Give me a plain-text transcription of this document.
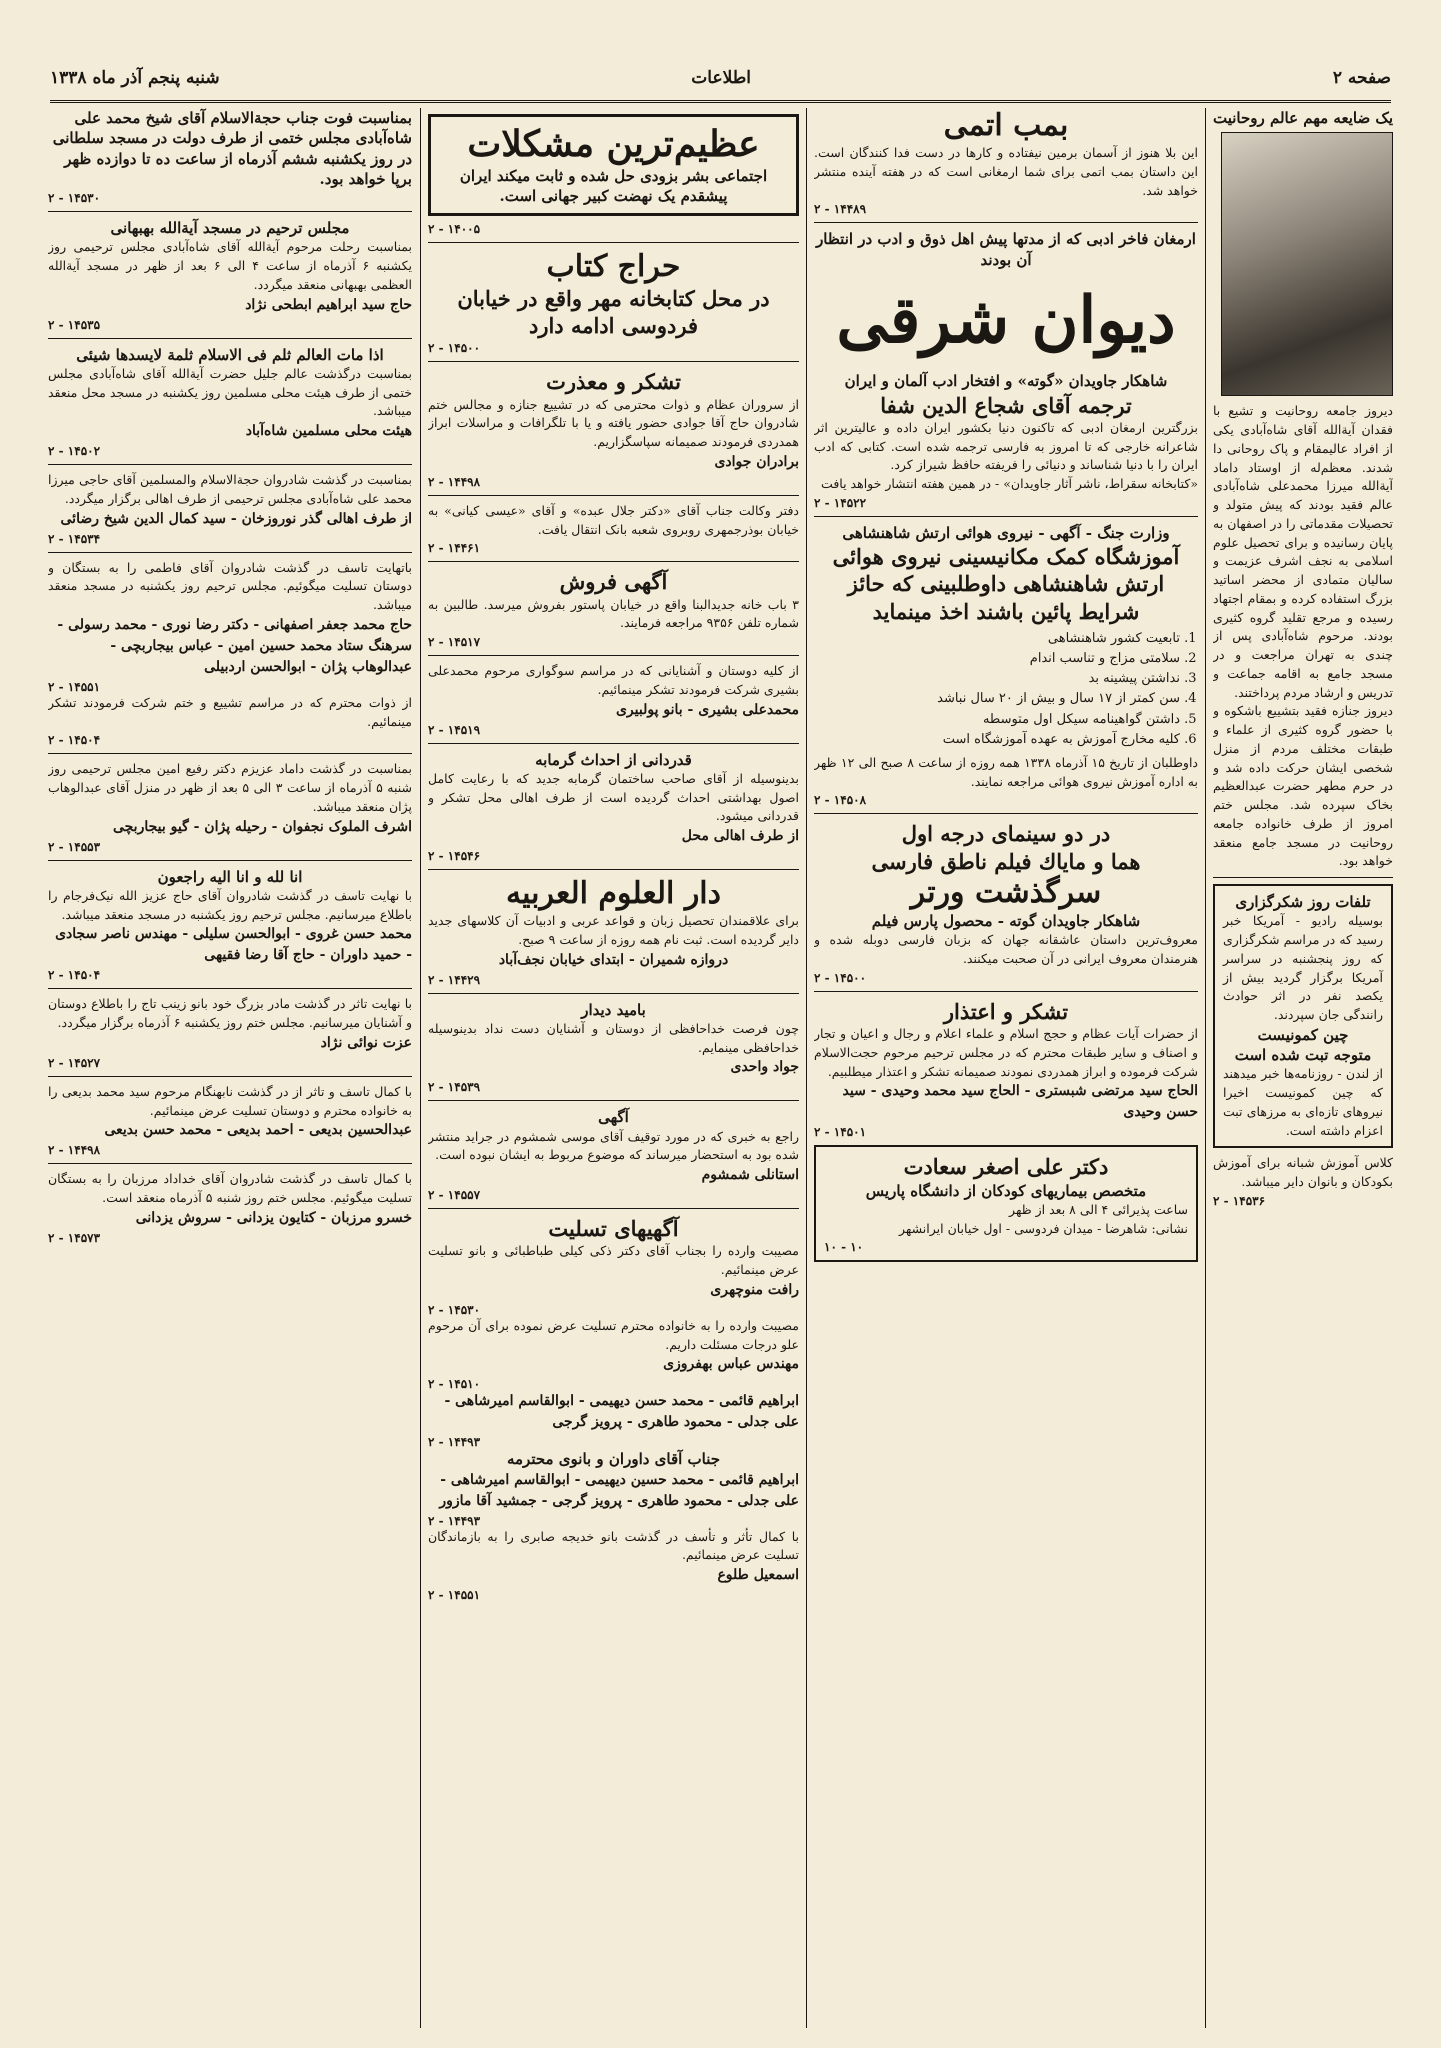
صفحه ۲
اطلاعات
شنبه پنجم آذر ماه ۱۳۳۸
یک ضایعه مهم عالم روحانیت
دیروز جامعه روحانیت و تشیع با فقدان آیة‌الله آقای شاه‌آبادی یکی از افراد عالیمقام و پاک روحانی دا شدند. معظم‌له از اوستاد داماد آیة‌الله میرزا محمدعلی شاه‌آبادی عالم فقید بودند که پیش متولد و تحصیلات مقدماتی را در اصفهان به پایان رسانیده و برای تحصیل علوم اسلامی به نجف اشرف عزیمت و سالیان متمادی از محضر اساتید بزرگ استفاده کرده و بمقام اجتهاد رسیده و مرجع تقلید گروه کثیری بودند. مرحوم شاه‌آبادی پس از چندی به تهران مراجعت و در مسجد جامع به اقامه جماعت و تدریس و ارشاد مردم پرداختند.
دیروز جنازه فقید بتشییع باشکوه و با حضور گروه کثیری از علماء و طبقات مختلف مردم از منزل شخصی ایشان حرکت داده شد و در حرم مطهر حضرت عبدالعظیم بخاک سپرده شد. مجلس ختم امروز از طرف خانواده جامعه روحانیت در مسجد جامع منعقد خواهد بود.
تلفات روز شکرگزاری
بوسیله رادیو - آمریکا خبر رسید که در مراسم شکرگزاری که روز پنجشنبه در سراسر آمریکا برگزار گردید بیش از یکصد نفر در اثر حوادث رانندگی جان سپردند.
چین کمونیست
متوجه تبت شده است
از لندن - روزنامه‌ها خبر میدهند که چین کمونیست اخیرا نیروهای تازه‌ای به مرزهای تبت اعزام داشته است.
کلاس آموزش شبانه برای آموزش بکودکان و بانوان دایر میباشد.
۱۴۵۳۶ - ۲
بمب اتمی
این بلا هنوز از آسمان برمین نیفتاده و کارها در دست فدا کنندگان است. این داستان بمب اتمی برای شما ارمغانی است که در هفته آینده منتشر خواهد شد.
۱۴۴۸۹ - ۲
ارمغان فاخر ادبی که از مدتها پیش اهل ذوق و ادب در انتظار آن بودند
دیوان شرقی
شاهکار جاویدان «گوته» و افتخار ادب آلمان و ایران
ترجمه آقای شجاع الدین شفا
بزرگترین ارمغان ادبی که تاکنون دنیا بکشور ایران داده و عالیترین اثر شاعرانه خارجی که تا امروز به فارسی ترجمه شده است. کتابی که ادب ایران را با دنیا شناساند و دنیائی را فریفته حافظ شیراز کرد.
«کتابخانه سقراط، ناشر آثار جاویدان» - در همین هفته انتشار خواهد یافت
۱۴۵۲۲ - ۲
وزارت جنگ - آگهی - نیروی هوائی ارتش شاهنشاهی
آموزشگاه کمک مکانیسینی نیروی هوائی ارتش شاهنشاهی داوطلبینی که حائز شرایط پائین باشند اخذ مینماید
1. تابعیت کشور شاهنشاهی
2. سلامتی مزاج و تناسب اندام
3. نداشتن پیشینه بد
4. سن کمتر از ۱۷ سال و بیش از ۲۰ سال نباشد
5. داشتن گواهینامه سیکل اول متوسطه
6. کلیه مخارج آموزش به عهده آموزشگاه است
داوطلبان از تاریخ ۱۵ آذرماه ۱۳۳۸ همه روزه از ساعت ۸ صبح الی ۱۲ ظهر به اداره آموزش نیروی هوائی مراجعه نمایند.
۱۴۵۰۸ - ۲
در دو سینمای درجه اول
هما و ماياك فيلم ناطق فارسى
سرگذشت ورتر
شاهکار جاویدان گوته - محصول پارس فیلم
معروف‌ترین داستان عاشقانه جهان که بزبان فارسی دوبله شده و هنرمندان معروف ایرانی در آن صحبت میکنند.
۱۴۵۰۰ - ۲
تشکر و اعتذار
از حضرات آیات عظام و حجج اسلام و علماء اعلام و رجال و اعیان و تجار و اصناف و سایر طبقات محترم که در مجلس ترحیم مرحوم حجت‌الاسلام شرکت فرموده و ابراز همدردی نمودند صمیمانه تشکر و اعتذار میطلبیم.
الحاج سید مرتضی شبستری - الحاج سید محمد وحیدی - سید حسن وحیدی
۱۴۵۰۱ - ۲
دکتر علی اصغر سعادت
متخصص بیماریهای کودکان از دانشگاه پاریس
ساعت پذیرائی ۴ الی ۸ بعد از ظهر
نشانی: شاهرضا - میدان فردوسی - اول خیابان ایرانشهر
۱۰ - ۱۰
عظیم‌ترین مشکلات
اجتماعی بشر بزودی حل شده و ثابت میکند ایران پیشقدم یک نهضت کبیر جهانی است.
۱۴۰۰۵ - ۲
حراج کتاب
در محل کتابخانه مهر واقع در خیابان فردوسی ادامه دارد
۱۴۵۰۰ - ۲
تشکر و معذرت
از سروران عظام و ذوات محترمی که در تشییع جنازه و مجالس ختم شادروان حاج آقا جوادی حضور یافته و یا با تلگرافات و مراسلات ابراز همدردی فرمودند صمیمانه سپاسگزاریم.
برادران جوادی
۱۴۴۹۸ - ۲
دفتر وکالت جناب آقای «دکتر جلال عبده» و آقای «عیسی کیانی» به خیابان بوذرجمهری روبروی شعبه بانک انتقال یافت.
۱۴۴۶۱ - ۲
آگهی فروش
۳ باب خانه جدیدالبنا واقع در خیابان پاستور بفروش میرسد. طالبین به شماره تلفن ۹۳۵۶ مراجعه فرمایند.
۱۴۵۱۷ - ۲
از کلیه دوستان و آشنایانی که در مراسم سوگواری مرحوم محمدعلی بشیری شرکت فرمودند تشکر مینمائیم.
محمدعلی بشیری - بانو پولبیری
۱۴۵۱۹ - ۲
قدردانی از احداث گرمابه
بدینوسیله از آقای صاحب ساختمان گرمابه جدید که با رعایت کامل اصول بهداشتی احداث گردیده است از طرف اهالی محل تشکر و قدردانی میشود.
از طرف اهالی محل
۱۴۵۴۶ - ۲
دار العلوم العربیه
برای علاقمندان تحصیل زبان و قواعد عربی و ادبیات آن کلاسهای جدید دایر گردیده است. ثبت نام همه روزه از ساعت ۹ صبح.
دروازه شمیران - ابتدای خیابان نجف‌آباد
۱۴۴۲۹ - ۲
بامید دیدار
چون فرصت خداحافظی از دوستان و آشنایان دست نداد بدینوسیله خداحافظی مینمایم.
جواد واحدی
۱۴۵۳۹ - ۲
آگهی
راجع به خبری که در مورد توقیف آقای موسی شمشوم در جراید منتشر شده بود به استحضار میرساند که موضوع مربوط به ایشان نبوده است.
استانلی شمشوم
۱۴۵۵۷ - ۲
آگهیهای تسلیت
مصیبت وارده را بجناب آقای دکتر ذکی کیلی طباطبائی و بانو تسلیت عرض مینمائیم.
رافت منوچهری
۱۴۵۳۰ - ۲
مصیبت وارده را به خانواده محترم تسلیت عرض نموده برای آن مرحوم علو درجات مسئلت داریم.
مهندس عباس بهفروزی
۱۴۵۱۰ - ۲
ابراهیم قائمی - محمد حسن دیهیمی - ابوالقاسم امیرشاهی - علی جدلی - محمود طاهری - پرویز گرجی
۱۴۴۹۳ - ۲
جناب آقای داوران و بانوی محترمه
ابراهیم قائمی - محمد حسین دیهیمی - ابوالقاسم امیرشاهی - علی جدلی - محمود طاهری - پرویز گرجی - جمشید آقا مازور
۱۴۴۹۳ - ۲
با کمال تأثر و تأسف در گذشت بانو خدیجه صابری را به بازماندگان تسلیت عرض مینمائیم.
اسمعیل طلوع
۱۴۵۵۱ - ۲
بمناسبت فوت جناب حجة‌الاسلام آقای شیخ محمد علی شاه‌آبادی مجلس ختمی از طرف دولت در مسجد سلطانی در روز یکشنبه ششم آذرماه از ساعت ده تا دوازده ظهر برپا خواهد بود.
۱۴۵۳۰ - ۲
مجلس ترحیم در مسجد آیة‌الله بهبهانی
بمناسبت رحلت مرحوم آیة‌الله آقای شاه‌آبادی مجلس ترحیمی روز یکشنبه ۶ آذرماه از ساعت ۴ الی ۶ بعد از ظهر در مسجد آیة‌الله العظمی بهبهانی منعقد میگردد.
حاج سید ابراهیم ابطحی نژاد
۱۴۵۳۵ - ۲
اذا مات العالم ثلم فی الاسلام ثلمة لایسدها شیئی
بمناسبت درگذشت عالم جلیل حضرت آیة‌الله آقای شاه‌آبادی مجلس ختمی از طرف هیئت محلی مسلمین روز یکشنبه در مسجد محل منعقد میباشد.
هیئت محلی مسلمین شاه‌آباد
۱۴۵۰۲ - ۲
بمناسبت در گذشت شادروان حجة‌الاسلام والمسلمین آقای حاجی میرزا محمد علی شاه‌آبادی مجلس ترحیمی از طرف اهالی برگزار میگردد.
از طرف اهالی گذر نوروزخان - سید کمال الدین شیخ رضائی
۱۴۵۳۴ - ۲
باتهایت تاسف در گذشت شادروان آقای فاطمی را به بستگان و دوستان تسلیت میگوئیم. مجلس ترحیم روز یکشنبه در مسجد منعقد میباشد.
حاج محمد جعفر اصفهانی - دکتر رضا نوری - محمد رسولی - سرهنگ ستاد محمد حسین امین - عباس بیجاربچی - عبدالوهاب پژان - ابوالحسن اردبیلی
۱۴۵۵۱ - ۲
از ذوات محترم که در مراسم تشییع و ختم شرکت فرمودند تشکر مینمائیم.
۱۴۵۰۴ - ۲
بمناسبت در گذشت داماد عزیزم دکتر رفیع امین مجلس ترحیمی روز شنبه ۵ آذرماه از ساعت ۳ الی ۵ بعد از ظهر در منزل آقای عبدالوهاب پژان منعقد میباشد.
اشرف الملوک نجفوان - رحیله پژان - گیو بیجاربچی
۱۴۵۵۳ - ۲
انا لله و انا الیه راجعون
با نهایت تاسف در گذشت شادروان آقای حاج عزیز الله نیک‌فرجام را باطلاع میرسانیم. مجلس ترحیم روز یکشنبه در مسجد منعقد میباشد.
محمد حسن غروی - ابوالحسن سلیلی - مهندس ناصر سجادی - حمید داوران - حاج آقا رضا فقیهی
۱۴۵۰۴ - ۲
با نهایت تاثر در گذشت مادر بزرگ خود بانو زینب تاج را باطلاع دوستان و آشنایان میرسانیم. مجلس ختم روز یکشنبه ۶ آذرماه برگزار میگردد.
عزت نوائی نژاد
۱۴۵۲۷ - ۲
با کمال تاسف و تاثر از در گذشت نابهنگام مرحوم سید محمد بدیعی را به خانواده محترم و دوستان تسلیت عرض مینمائیم.
عبدالحسین بدیعی - احمد بدیعی - محمد حسن بدیعی
۱۴۴۹۸ - ۲
با کمال تاسف در گذشت شادروان آقای خداداد مرزبان را به بستگان تسلیت میگوئیم. مجلس ختم روز شنبه ۵ آذرماه منعقد است.
خسرو مرزبان - کتایون یزدانی - سروش یزدانی
۱۴۵۷۳ - ۲
